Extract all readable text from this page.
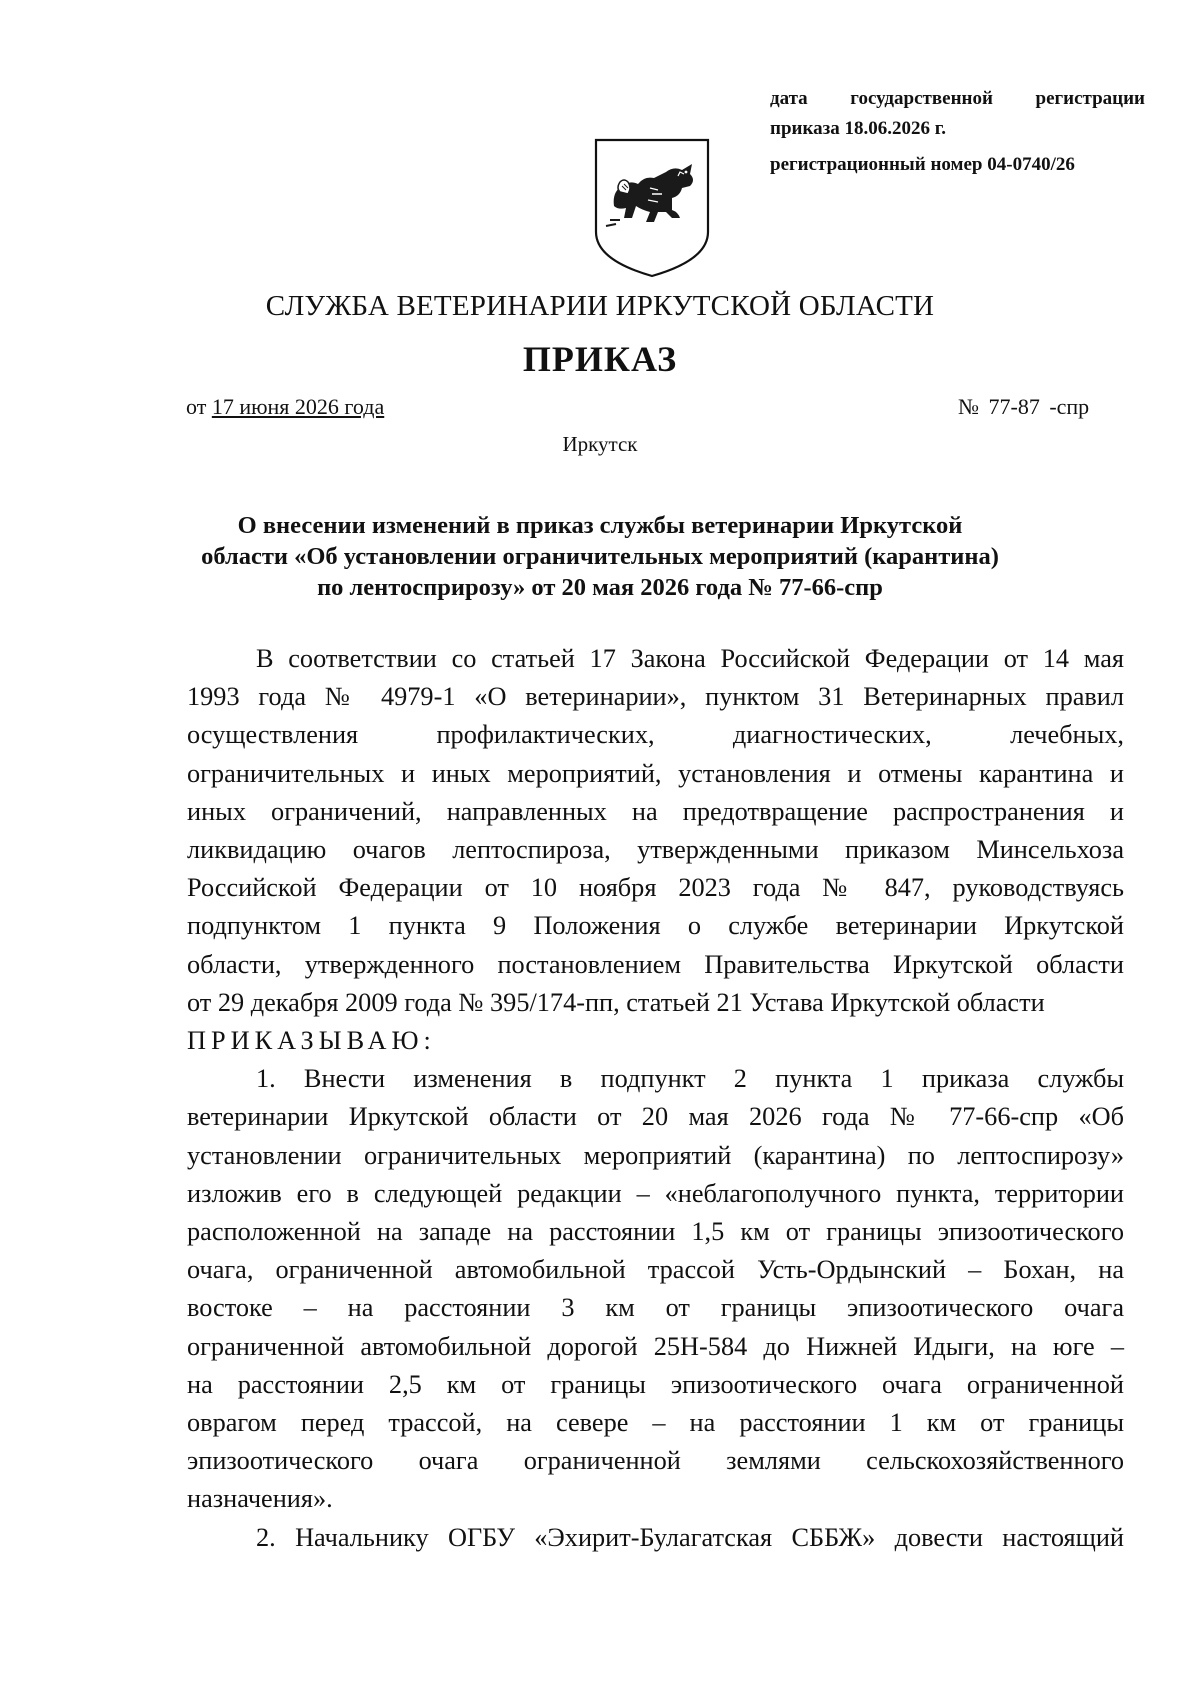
дата государственной регистрации
приказа 18.06.2026 г.
регистрационный номер 04-0740/26
СЛУЖБА ВЕТЕРИНАРИИ ИРКУТСКОЙ ОБЛАСТИ
ПРИКАЗ
от 17 июня 2026 года	№ 77-87 -спр
Иркутск
О внесении изменений в приказ службы ветеринарии Иркутской
области «Об установлении ограничительных мероприятий (карантина)
по лентосприрозу» от 20 мая 2026 года № 77-66-спр
В соответствии со статьей 17 Закона Российской Федерации от 14 мая
1993 года № 4979-1 «О ветеринарии», пунктом 31 Ветеринарных правил
осуществления профилактических, диагностических, лечебных,
ограничительных и иных мероприятий, установления и отмены карантина и
иных ограничений, направленных на предотвращение распространения и
ликвидацию очагов лептоспироза, утвержденными приказом Минсельхоза
Российской Федерации от 10 ноября 2023 года № 847, руководствуясь
подпунктом 1 пункта 9 Положения о службе ветеринарии Иркутской
области, утвержденного постановлением Правительства Иркутской области
от 29 декабря 2009 года № 395/174-пп, статьей 21 Устава Иркутской области
ПРИКАЗЫВАЮ:
1. Внести изменения в подпункт 2 пункта 1 приказа службы
ветеринарии Иркутской области от 20 мая 2026 года № 77-66-спр «Об
установлении ограничительных мероприятий (карантина) по лептоспирозу»
изложив его в следующей редакции – «неблагополучного пункта, территории
расположенной на западе на расстоянии 1,5 км от границы эпизоотического
очага, ограниченной автомобильной трассой Усть-Ордынский – Бохан, на
востоке – на расстоянии 3 км от границы эпизоотического очага
ограниченной автомобильной дорогой 25Н-584 до Нижней Идыги, на юге –
на расстоянии 2,5 км от границы эпизоотического очага ограниченной
оврагом перед трассой, на севере – на расстоянии 1 км от границы
эпизоотического очага ограниченной землями сельскохозяйственного
назначения».
2. Начальнику ОГБУ «Эхирит-Булагатская СББЖ» довести настоящий
